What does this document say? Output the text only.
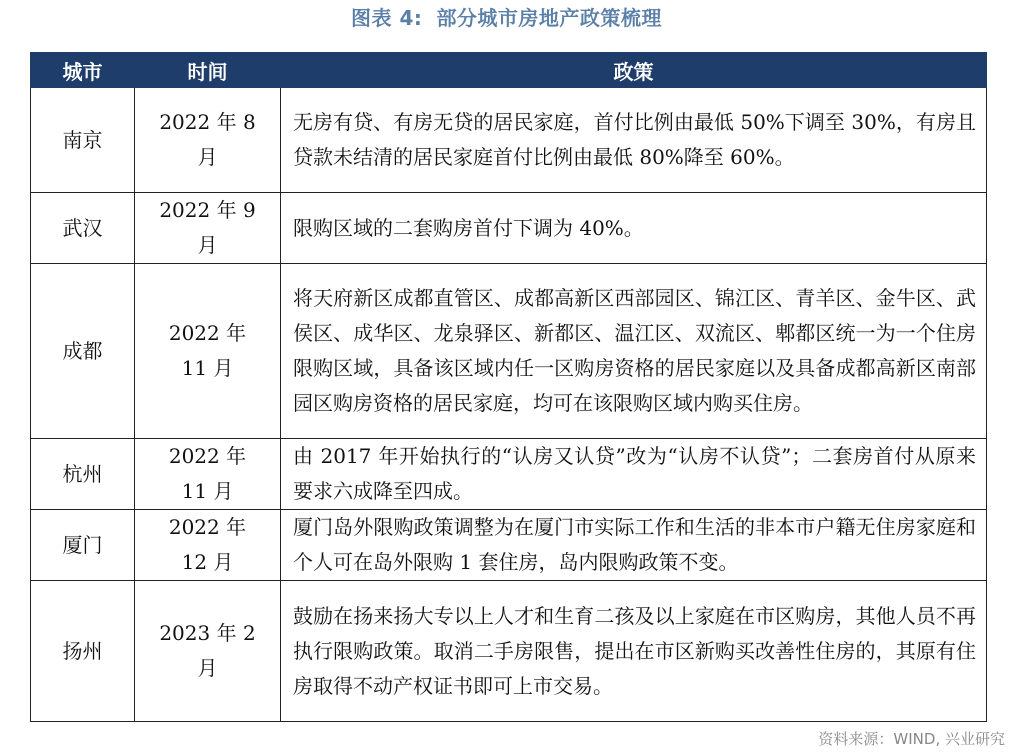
图表 4: 部分城市房地产政策梳理
城市	时间	政策
南京	2022 年 8 月	无房有贷、有房无贷的居民家庭，首付比例由最低 50%下调至 30%，有房且贷款未结清的居民家庭首付比例由最低 80%降至 60%。
武汉	2022 年 9 月	限购区域的二套购房首付下调为 40%。
成都	2022 年 11 月	将天府新区成都直管区、成都高新区西部园区、锦江区、青羊区、金牛区、武侯区、成华区、龙泉驿区、新都区、温江区、双流区、郫都区统一为一个住房限购区域，具备该区域内任一区购房资格的居民家庭以及具备成都高新区南部园区购房资格的居民家庭，均可在该限购区域内购买住房。
杭州	2022 年 11 月	由 2017 年开始执行的“认房又认贷”改为“认房不认贷”；二套房首付从原来要求六成降至四成。
厦门	2022 年 12 月	厦门岛外限购政策调整为在厦门市实际工作和生活的非本市户籍无住房家庭和个人可在岛外限购 1 套住房，岛内限购政策不变。
扬州	2023 年 2 月	鼓励在扬来扬大专以上人才和生育二孩及以上家庭在市区购房，其他人员不再执行限购政策。取消二手房限售，提出在市区新购买改善性住房的，其原有住房取得不动产权证书即可上市交易。
资料来源：WIND, 兴业研究
